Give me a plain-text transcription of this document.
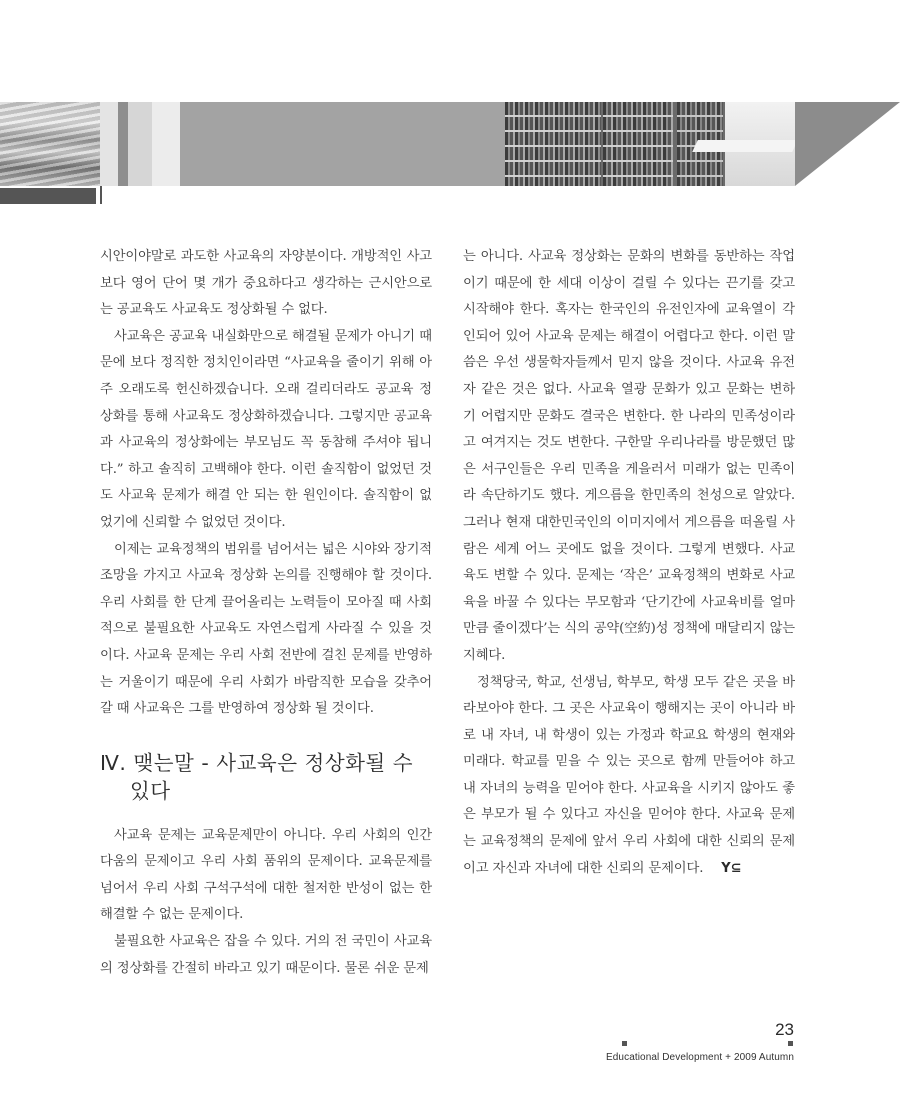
시안이야말로 과도한 사교육의 자양분이다. 개방적인 사고보다 영어 단어 몇 개가 중요하다고 생각하는 근시안으로는 공교육도 사교육도 정상화될 수 없다.

사교육은 공교육 내실화만으로 해결될 문제가 아니기 때문에 보다 정직한 정치인이라면 “사교육을 줄이기 위해 아주 오래도록 헌신하겠습니다. 오래 걸리더라도 공교육 정상화를 통해 사교육도 정상화하겠습니다. 그렇지만 공교육과 사교육의 정상화에는 부모님도 꼭 동참해 주셔야 됩니다.” 하고 솔직히 고백해야 한다. 이런 솔직함이 없었던 것도 사교육 문제가 해결 안 되는 한 원인이다. 솔직함이 없었기에 신뢰할 수 없었던 것이다.

이제는 교육정책의 범위를 넘어서는 넓은 시야와 장기적 조망을 가지고 사교육 정상화 논의를 진행해야 할 것이다. 우리 사회를 한 단계 끌어올리는 노력들이 모아질 때 사회적으로 불필요한 사교육도 자연스럽게 사라질 수 있을 것이다. 사교육 문제는 우리 사회 전반에 걸친 문제를 반영하는 거울이기 때문에 우리 사회가 바람직한 모습을 갖추어갈 때 사교육은 그를 반영하여 정상화 될 것이다.

Ⅳ. 맺는말 - 사교육은 정상화될 수 있다

사교육 문제는 교육문제만이 아니다. 우리 사회의 인간다움의 문제이고 우리 사회 품위의 문제이다. 교육문제를 넘어서 우리 사회 구석구석에 대한 철저한 반성이 없는 한 해결할 수 없는 문제이다.

불필요한 사교육은 잡을 수 있다. 거의 전 국민이 사교육의 정상화를 간절히 바라고 있기 때문이다. 물론 쉬운 문제

는 아니다. 사교육 정상화는 문화의 변화를 동반하는 작업이기 때문에 한 세대 이상이 걸릴 수 있다는 끈기를 갖고 시작해야 한다. 혹자는 한국인의 유전인자에 교육열이 각인되어 있어 사교육 문제는 해결이 어렵다고 한다. 이런 말씀은 우선 생물학자들께서 믿지 않을 것이다. 사교육 유전자 같은 것은 없다. 사교육 열광 문화가 있고 문화는 변하기 어렵지만 문화도 결국은 변한다. 한 나라의 민족성이라고 여겨지는 것도 변한다. 구한말 우리나라를 방문했던 많은 서구인들은 우리 민족을 게을러서 미래가 없는 민족이라 속단하기도 했다. 게으름을 한민족의 천성으로 알았다. 그러나 현재 대한민국인의 이미지에서 게으름을 떠올릴 사람은 세계 어느 곳에도 없을 것이다. 그렇게 변했다. 사교육도 변할 수 있다. 문제는 ‘작은’ 교육정책의 변화로 사교육을 바꿀 수 있다는 무모함과 ‘단기간에 사교육비를 얼마만큼 줄이겠다’는 식의 공약(空約)성 정책에 매달리지 않는 지혜다.

정책당국, 학교, 선생님, 학부모, 학생 모두 같은 곳을 바라보아야 한다. 그 곳은 사교육이 행해지는 곳이 아니라 바로 내 자녀, 내 학생이 있는 가정과 학교요 학생의 현재와 미래다. 학교를 믿을 수 있는 곳으로 함께 만들어야 하고 내 자녀의 능력을 믿어야 한다. 사교육을 시키지 않아도 좋은 부모가 될 수 있다고 자신을 믿어야 한다. 사교육 문제는 교육정책의 문제에 앞서 우리 사회에 대한 신뢰의 문제이고 자신과 자녀에 대한 신뢰의 문제이다. Y⊆

23
Educational Development + 2009 Autumn
